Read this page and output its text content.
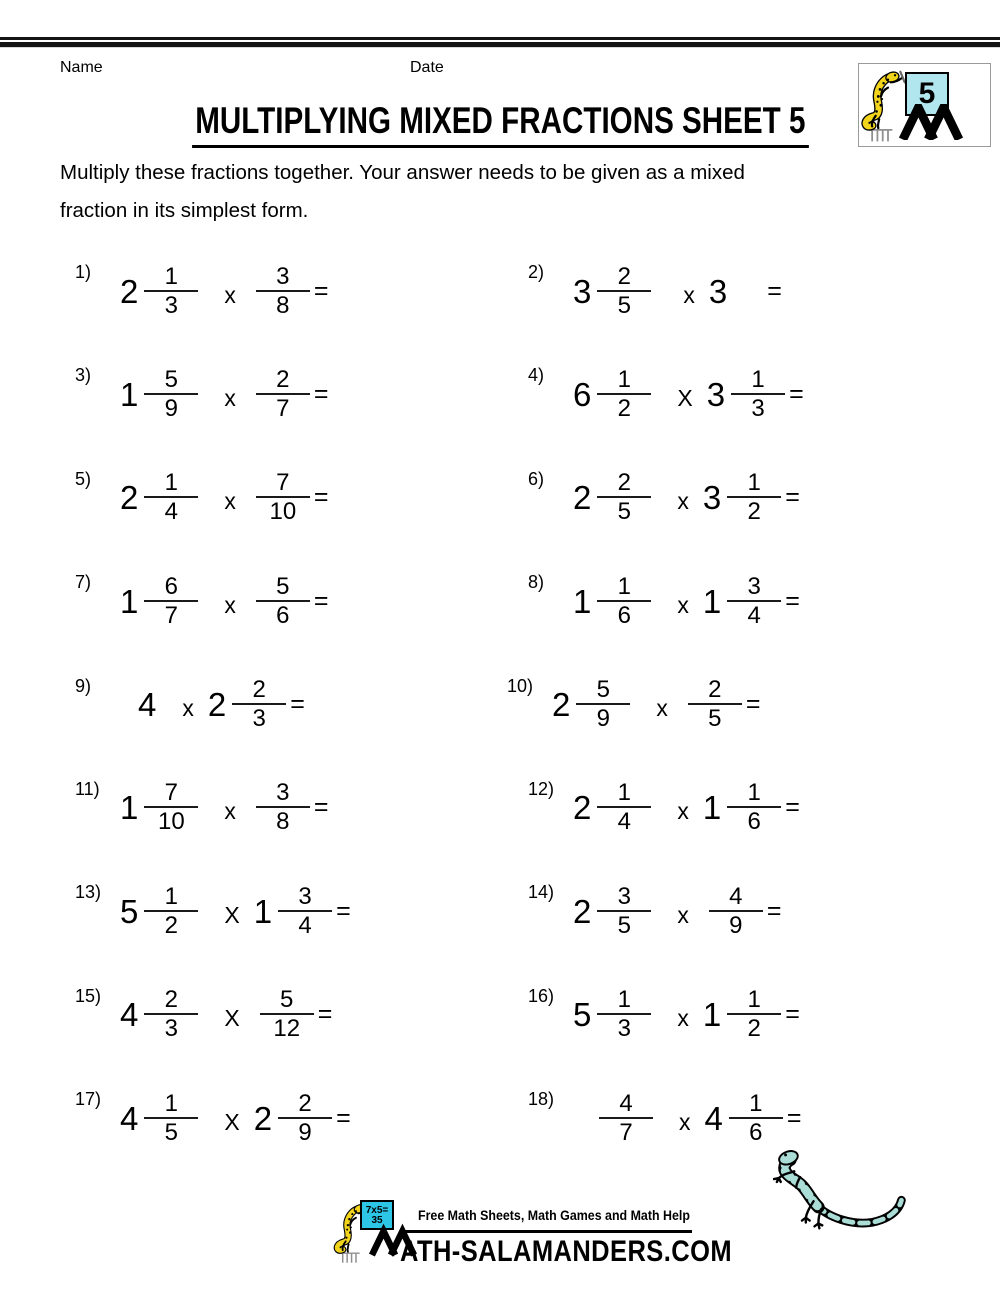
Name	Date
5
MULTIPLYING MIXED FRACTIONS SHEET 5
Multiply these fractions together. Your answer needs to be given as a mixed
fraction in its simplest form.
1)
$2 \frac{1}{3}$ x $\frac{3}{8}$ =
2)
$3 \frac{2}{5}$ x 3 =
3)
$1 \frac{5}{9}$ x $\frac{2}{7}$ =
4)
$6 \frac{1}{2}$ X $3 \frac{1}{3}$ =
5)
$2 \frac{1}{4}$ x $\frac{7}{10}$ =
6)
$2 \frac{2}{5}$ x $3 \frac{1}{2}$ =
7)
$1 \frac{6}{7}$ x $\frac{5}{6}$ =
8)
$1 \frac{1}{6}$ x $1 \frac{3}{4}$ =
9)
4 x $2 \frac{2}{3}$ =
10)
$2 \frac{5}{9}$ x $\frac{2}{5}$ =
11)
$1 \frac{7}{10}$ x $\frac{3}{8}$ =
12)
$2 \frac{1}{4}$ x $1 \frac{1}{6}$ =
13)
$5 \frac{1}{2}$ X $1 \frac{3}{4}$ =
14)
$2 \frac{3}{5}$ x $\frac{4}{9}$ =
15)
$4 \frac{2}{3}$ X $\frac{5}{12}$ =
16)
$5 \frac{1}{3}$ x $1 \frac{1}{2}$ =
17)
$4 \frac{1}{5}$ X $2 \frac{2}{9}$ =
$18) \frac{4}{7}$ x $4 \frac{1}{6}$ =
7x5=
35	Free Math Sheets, Math Games and Math Help
ATH-SALAMANDERS.COM
